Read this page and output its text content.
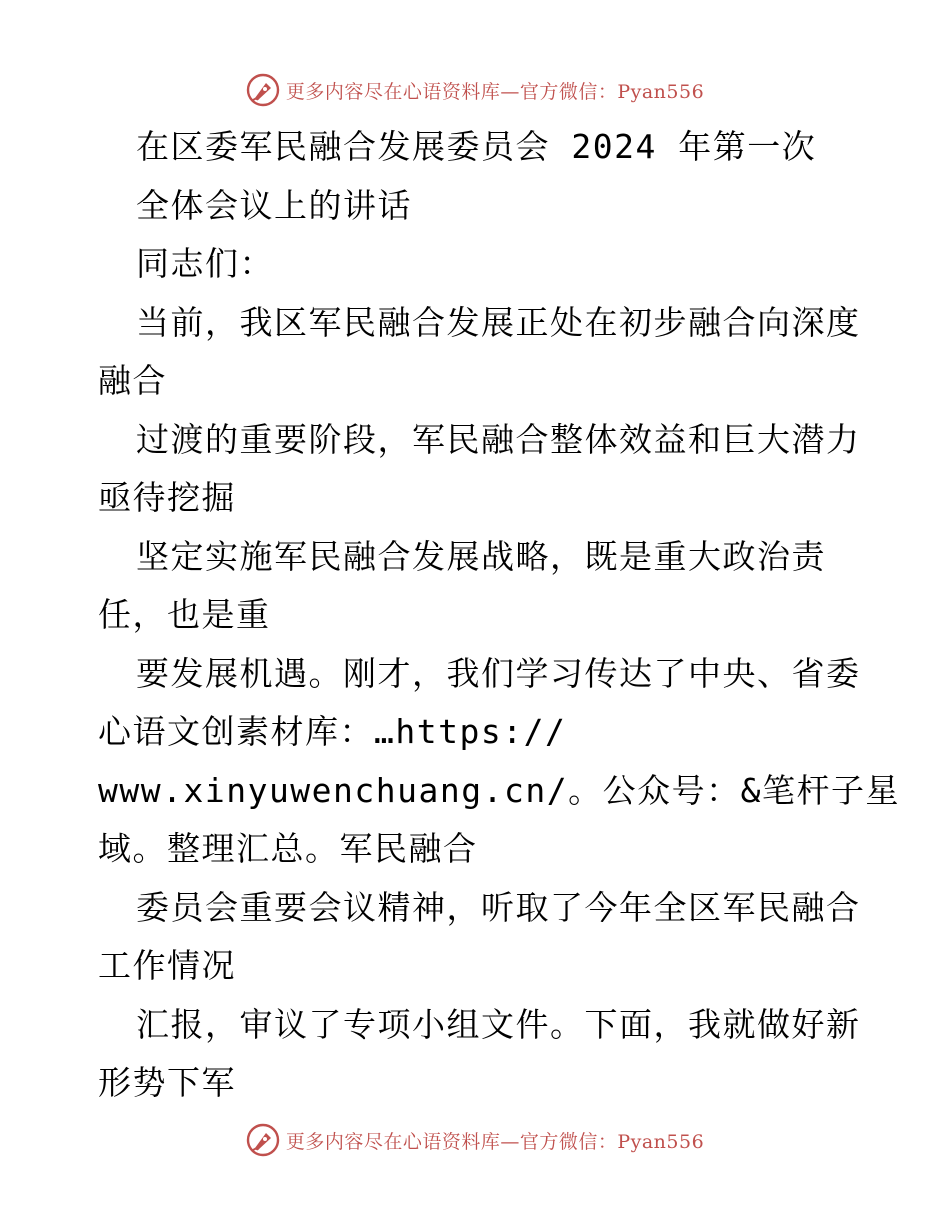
更多内容尽在心语资料库—官方微信：Pyan556
在区委军民融合发展委员会 2024 年第一次
全体会议上的讲话
同志们：
当前，我区军民融合发展正处在初步融合向深度
融合
过渡的重要阶段，军民融合整体效益和巨大潜力
亟待挖掘
坚定实施军民融合发展战略，既是重大政治责
任，也是重
要发展机遇。刚才，我们学习传达了中央、省委
心语文创素材库：…https://
www.xinyuwenchuang.cn/。公众号：&笔杆子星
域。整理汇总。军民融合
委员会重要会议精神，听取了今年全区军民融合
工作情况
汇报，审议了专项小组文件。下面，我就做好新
形势下军
更多内容尽在心语资料库—官方微信：Pyan556
